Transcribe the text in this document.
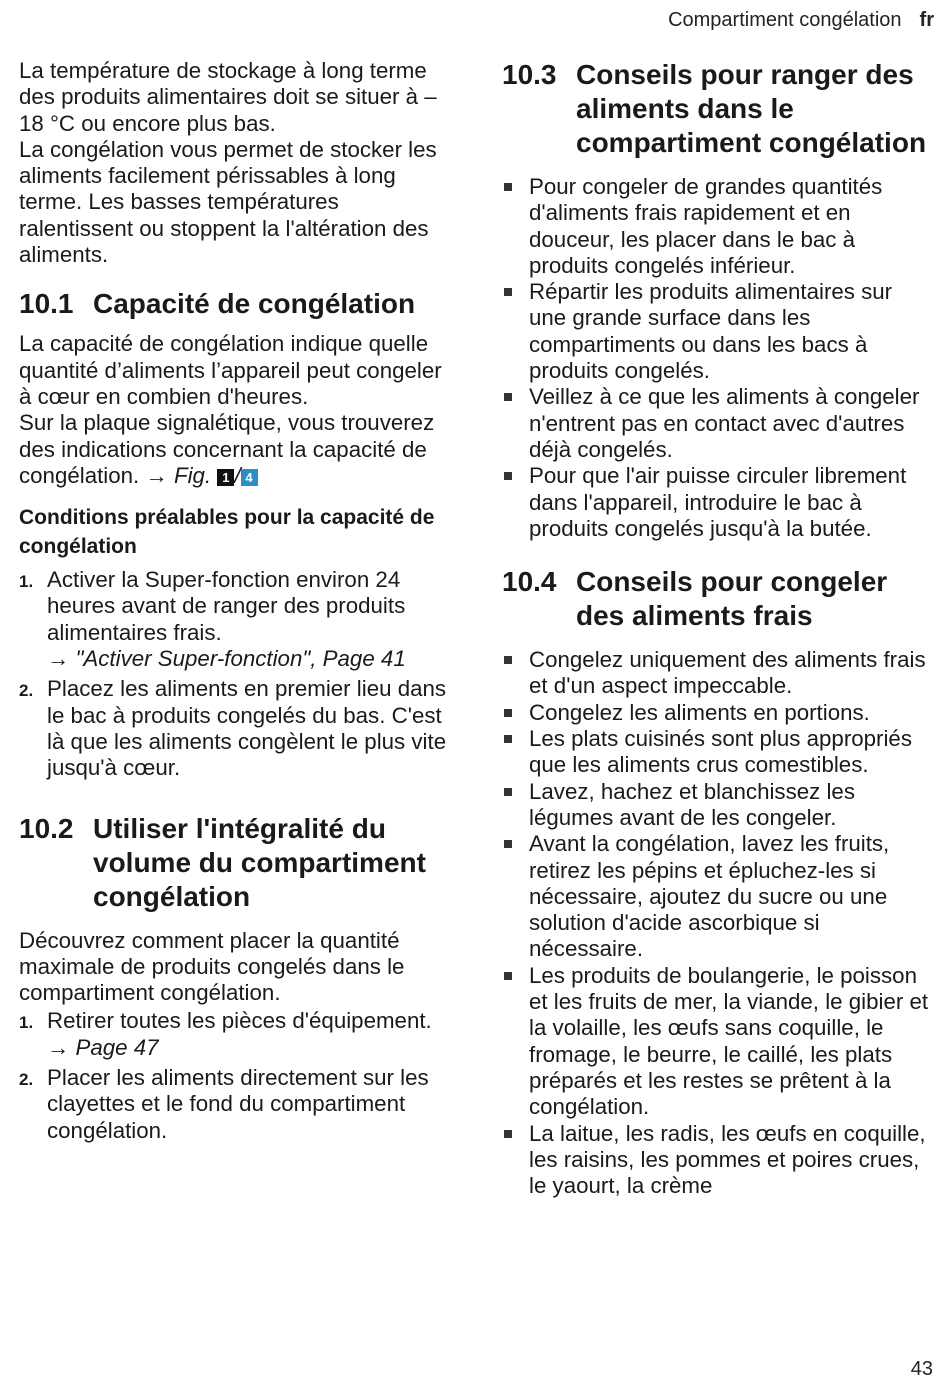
Compartiment congélation fr

La température de stockage à long terme des produits alimentaires doit se situer à –18 °C ou encore plus bas.

La congélation vous permet de stocker les aliments facilement périssables à long terme. Les basses températures ralentissent ou stoppent la l'altération des aliments.

10.1 Capacité de congélation

La capacité de congélation indique quelle quantité d’aliments l’appareil peut congeler à cœur en combien d'heures.

Sur la plaque signalétique, vous trouverez des indications concernant la capacité de congélation. → Fig. 1 / 4

Conditions préalables pour la capacité de congélation
1. Activer la Super-fonction environ 24 heures avant de ranger des produits alimentaires frais.
→ "Activer Super-fonction", Page 41
2. Placez les aliments en premier lieu dans le bac à produits congelés du bas. C'est là que les aliments congèlent le plus vite jusqu'à cœur.
10.2 Utiliser l'intégralité du volume du compartiment congélation

Découvrez comment placer la quantité maximale de produits congelés dans le compartiment congélation.

1. Retirer toutes les pièces d'équipement. → Page 47
2. Placer les aliments directement sur les clayettes et le fond du compartiment congélation.
10.3 Conseils pour ranger des aliments dans le compartiment congélation
Pour congeler de grandes quantités d'aliments frais rapidement et en douceur, les placer dans le bac à produits congelés inférieur.
Répartir les produits alimentaires sur une grande surface dans les compartiments ou dans les bacs à produits congelés.
Veillez à ce que les aliments à congeler n'entrent pas en contact avec d'autres déjà congelés.
Pour que l'air puisse circuler librement dans l'appareil, introduire le bac à produits congelés jusqu'à la butée.
10.4 Conseils pour congeler des aliments frais
Congelez uniquement des aliments frais et d'un aspect impeccable.
Congelez les aliments en portions.
Les plats cuisinés sont plus appropriés que les aliments crus comestibles.
Lavez, hachez et blanchissez les légumes avant de les congeler.
Avant la congélation, lavez les fruits, retirez les pépins et épluchez-les si nécessaire, ajoutez du sucre ou une solution d'acide ascorbique si nécessaire.
Les produits de boulangerie, le poisson et les fruits de mer, la viande, le gibier et la volaille, les œufs sans coquille, le fromage, le beurre, le caillé, les plats préparés et les restes se prêtent à la congélation.
La laitue, les radis, les œufs en coquille, les raisins, les pommes et poires crues, le yaourt, la crème
43
